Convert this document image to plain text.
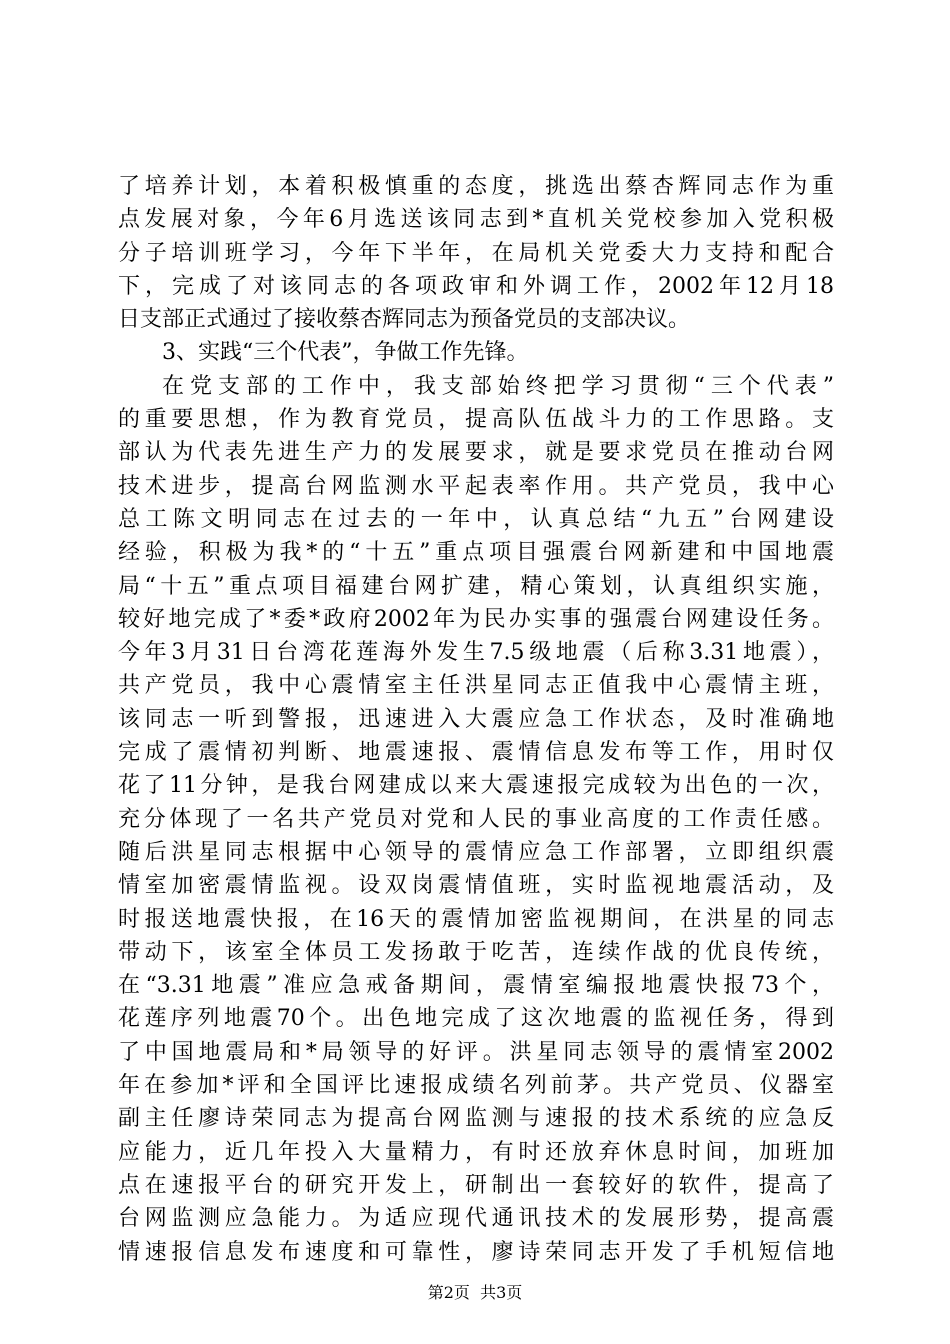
了培养计划，本着积极慎重的态度，挑选出蔡杏辉同志作为重
点发展对象，今年6月选送该同志到*直机关党校参加入党积极
分子培训班学习，今年下半年，在局机关党委大力支持和配合
下，完成了对该同志的各项政审和外调工作，2002年12月18
日支部正式通过了接收蔡杏辉同志为预备党员的支部决议。
3、实践“三个代表”，争做工作先锋。
在党支部的工作中，我支部始终把学习贯彻“三个代表”
的重要思想，作为教育党员，提高队伍战斗力的工作思路。支
部认为代表先进生产力的发展要求，就是要求党员在推动台网
技术进步，提高台网监测水平起表率作用。共产党员，我中心
总工陈文明同志在过去的一年中，认真总结“九五”台网建设
经验，积极为我*的“十五”重点项目强震台网新建和中国地震
局“十五”重点项目福建台网扩建，精心策划，认真组织实施，
较好地完成了*委*政府2002年为民办实事的强震台网建设任务。
今年3月31日台湾花莲海外发生7.5级地震（后称3.31地震），
共产党员，我中心震情室主任洪星同志正值我中心震情主班，
该同志一听到警报，迅速进入大震应急工作状态，及时准确地
完成了震情初判断、地震速报、震情信息发布等工作，用时仅
花了11分钟，是我台网建成以来大震速报完成较为出色的一次，
充分体现了一名共产党员对党和人民的事业高度的工作责任感。
随后洪星同志根据中心领导的震情应急工作部署，立即组织震
情室加密震情监视。设双岗震情值班，实时监视地震活动，及
时报送地震快报，在16天的震情加密监视期间，在洪星的同志
带动下，该室全体员工发扬敢于吃苦，连续作战的优良传统，
在“3.31地震”准应急戒备期间，震情室编报地震快报73个，
花莲序列地震70个。出色地完成了这次地震的监视任务，得到
了中国地震局和*局领导的好评。洪星同志领导的震情室2002
年在参加*评和全国评比速报成绩名列前茅。共产党员、仪器室
副主任廖诗荣同志为提高台网监测与速报的技术系统的应急反
应能力，近几年投入大量精力，有时还放弃休息时间，加班加
点在速报平台的研究开发上，研制出一套较好的软件，提高了
台网监测应急能力。为适应现代通讯技术的发展形势，提高震
情速报信息发布速度和可靠性，廖诗荣同志开发了手机短信地
第2页  共3页
